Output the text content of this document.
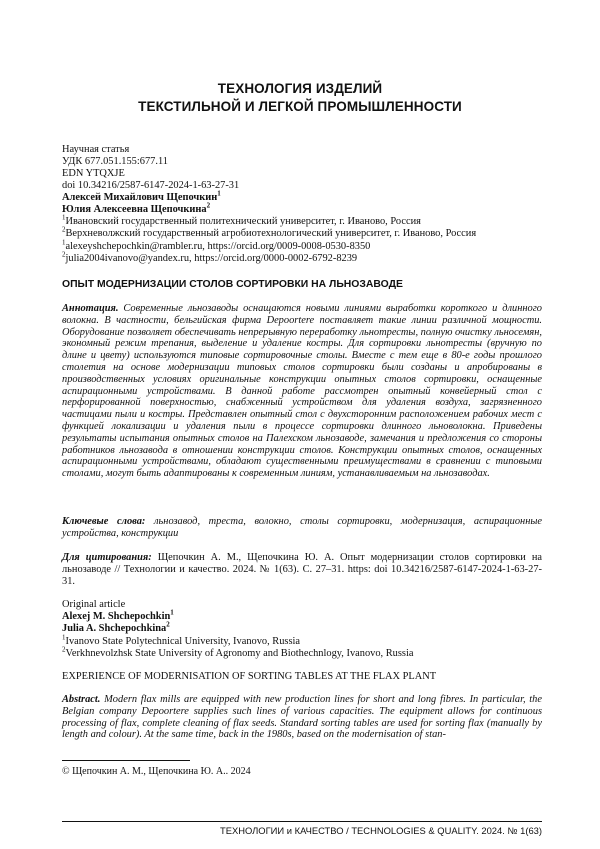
ТЕХНОЛОГИЯ ИЗДЕЛИЙ
ТЕКСТИЛЬНОЙ И ЛЕГКОЙ ПРОМЫШЛЕННОСТИ
Научная статья
УДК 677.051.155:677.11
EDN YTQXJE
doi 10.34216/2587-6147-2024-1-63-27-31
Алексей Михайлович Щепочкин1
Юлия Алексеевна Щепочкина2
1Ивановский государственный политехнический университет, г. Иваново, Россия
2Верхневолжский государственный агробиотехнологический университет, г. Иваново, Россия
1alexeyshchepochkin@rambler.ru, https://orcid.org/0009-0008-0530-8350
2julia2004ivanovo@yandex.ru, https://orcid.org/0000-0002-6792-8239
ОПЫТ МОДЕРНИЗАЦИИ СТОЛОВ СОРТИРОВКИ НА ЛЬНОЗАВОДЕ
Аннотация. Современные льнозаводы оснащаются новыми линиями выработки короткого и длинного волокна. В частности, бельгийская фирма Depoortere поставляет такие линии различной мощности. Оборудование позволяет обеспечивать непрерывную переработку льнотресты, полную очистку льносемян, экономный режим трепания, выделение и удаление костры. Для сортировки льнотресты (вручную по длине и цвету) используются типовые сортировочные столы. Вместе с тем еще в 80-е годы прошлого столетия на основе модернизации типовых столов сортировки были созданы и апробированы в производственных условиях оригинальные конструкции опытных столов сортировки, оснащенные аспирационными устройствами. В данной работе рассмотрен опытный конвейерный стол с перфорированной поверхностью, снабженный устройством для удаления воздуха, загрязненного частицами пыли и костры. Представлен опытный стол с двухсторонним расположением рабочих мест с функцией локализации и удаления пыли в процессе сортировки длинного льноволокна. Приведены результаты испытания опытных столов на Палехском льнозаводе, замечания и предложения со стороны работников льнозавода в отношении конструкции столов. Конструкции опытных столов, оснащенных аспирационными устройствами, обладают существенными преимуществами в сравнении с типовыми столами, могут быть адаптированы к современным линиям, устанавливаемым на льнозаводах.
Ключевые слова: льнозавод, треста, волокно, столы сортировки, модернизация, аспирационные устройства, конструкции
Для цитирования: Щепочкин А. М., Щепочкина Ю. А. Опыт модернизации столов сортировки на льнозаводе // Технологии и качество. 2024. № 1(63). С. 27–31. https: doi 10.34216/2587-6147-2024-1-63-27-31.
Original article
Alexej M. Shchepochkin1
Julia A. Shchepochkina2
1Ivanovo State Polytechnical University, Ivanovo, Russia
2Verkhnevolzhsk State University of Agronomy and Biothechnlogy, Ivanovo, Russia
EXPERIENCE OF MODERNISATION OF SORTING TABLES AT THE FLAX PLANT
Abstract. Modern flax mills are equipped with new production lines for short and long fibres. In particular, the Belgian company Depoortere supplies such lines of various capacities. The equipment allows for continuous processing of flax, complete cleaning of flax seeds. Standard sorting tables are used for sorting flax (manually by length and colour). At the same time, back in the 1980s, based on the modernisation of stan-
© Щепочкин А. М., Щепочкина Ю. А.. 2024
ТЕХНОЛОГИИ и КАЧЕСТВО / TECHNOLOGIES & QUALITY. 2024. № 1(63)
